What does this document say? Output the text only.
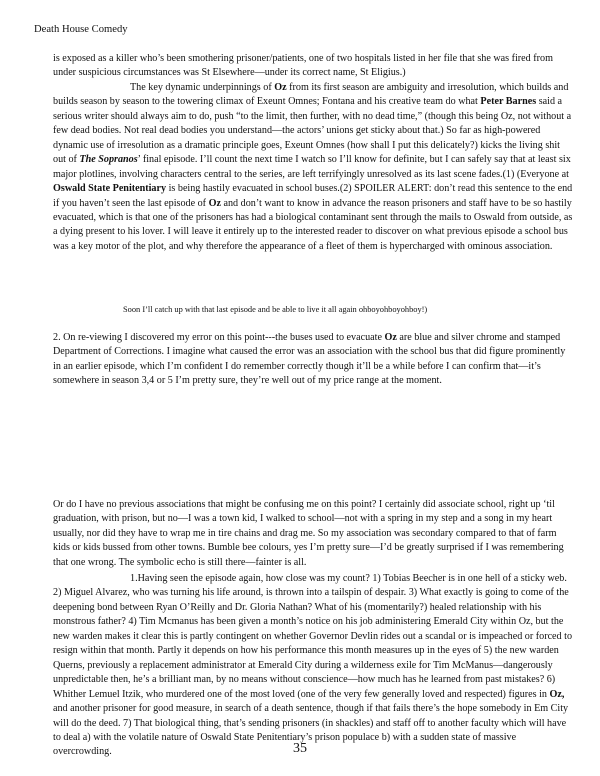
Death House Comedy

is exposed as a killer who’s been smothering prisoner/patients, one of two hospitals listed in her file that she was fired from under suspicious circumstances was St Elsewhere—under its correct name, St Eligius.)

The key dynamic underpinnings of Oz from its first season are ambiguity and irresolution, which builds and builds season by season to the towering climax of Exeunt Omnes; Fontana and his creative team do what Peter Barnes said a serious writer should always aim to do, push “to the limit, then further, with no dead time,” (though this being Oz, not without a few dead bodies. Not real dead bodies you understand—the actors’ unions get sticky about that.) So far as high-powered dynamic use of irresolution as a dramatic principle goes, Exeunt Omnes (how shall I put this delicately?) kicks the living shit out of The Sopranos’ final episode. I’ll count the next time I watch so I’ll know for definite, but I can safely say that at least six major plotlines, involving characters central to the series, are left terrifyingly unresolved as its last scene fades.(1) (Everyone at Oswald State Penitentiary is being hastily evacuated in school buses.(2) SPOILER ALERT: don’t read this sentence to the end if you haven’t seen the last episode of Oz and don’t want to know in advance the reason prisoners and staff have to be so hastily evacuated, which is that one of the prisoners has had a biological contaminant sent through the mails to Oswald from outside, as a dying present to his lover. I will leave it entirely up to the interested reader to discover on what previous episode a school bus was a key motor of the plot, and why therefore the appearance of a fleet of them is hypercharged with ominous association.

Soon I’ll catch up with that last episode and be able to live it all again ohboyohboyohboy!)

2. On re-viewing I discovered my error on this point---the buses used to evacuate Oz are blue and silver chrome and stamped Department of Corrections. I imagine what caused the error was an association with the school bus that did figure prominently in an earlier episode, which I’m confident I do remember correctly though it’ll be a while before I can confirm that—it’s somewhere in season 3,4 or 5 I’m pretty sure, they’re well out of my price range at the moment.

Or do I have no previous associations that might be confusing me on this point? I certainly did associate school, right up ‘til graduation, with prison, but no—I was a town kid, I walked to school—not with a spring in my step and a song in my heart usually, nor did they have to wrap me in tire chains and drag me. So my association was secondary compared to that of farm kids or kids bussed from other towns. Bumble bee colours, yes I’m pretty sure—I’d be greatly surprised if I was remembering that one wrong. The symbolic echo is still there—fainter is all.

1.Having seen the episode again, how close was my count? 1) Tobias Beecher is in one hell of a sticky web. 2) Miguel Alvarez, who was turning his life around, is thrown into a tailspin of despair. 3) What exactly is going to come of the deepening bond between Ryan O’Reilly and Dr. Gloria Nathan? What of his (momentarily?) healed relationship with his monstrous father? 4) Tim Mcmanus has been given a month’s notice on his job administering Emerald City within Oz, but the new warden makes it clear this is partly contingent on whether Governor Devlin rides out a scandal or is impeached or forced to resign within that month. Partly it depends on how his performance this month measures up in the eyes of 5) the new warden Querns, previously a replacement administrator at Emerald City during a wilderness exile for Tim McManus—dangerously unpredictable then, he’s a brilliant man, by no means without conscience—how much has he learned from past mistakes? 6) Whither Lemuel Itzik, who murdered one of the most loved (one of the very few generally loved and respected) figures in Oz, and another prisoner for good measure, in search of a death sentence, though if that fails there’s the hope somebody in Em City will do the deed. 7) That biological thing, that’s sending prisoners (in shackles) and staff off to another faculty which will have to deal a) with the volatile nature of Oswald State Penitentiary’s prison populace b) with a sudden state of massive overcrowding.	35
